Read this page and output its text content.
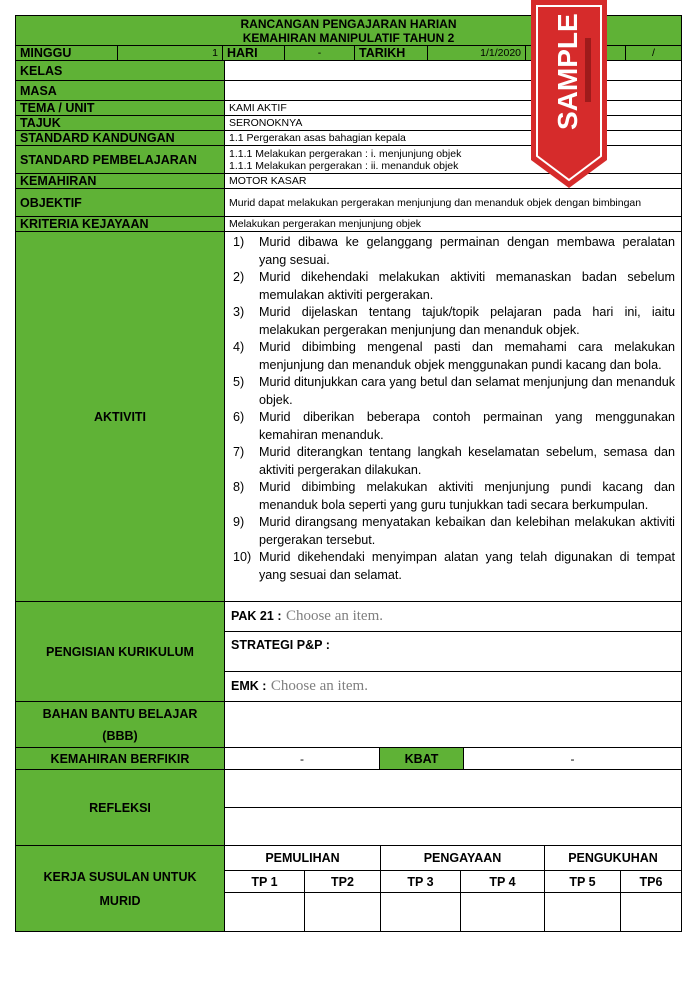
RANCANGAN PENGAJARAN HARIAN
KEMAHIRAN MANIPULATIF TAHUN 2

MINGGU	1	HARI	-	TARIKH	1/1/2020			/
KELAS	
MASA	
TEMA / UNIT	KAMI AKTIF
TAJUK	SERONOKNYA
STANDARD KANDUNGAN	1.1 Pergerakan asas bahagian kepala
STANDARD PEMBELAJARAN	1.1.1 Melakukan pergerakan : i. menjunjung objek
1.1.1 Melakukan pergerakan : ii. menanduk objek

KEMAHIRAN	MOTOR KASAR
OBJEKTIF	Murid dapat melakukan pergerakan menjunjung dan menanduk objek dengan bimbingan
KRITERIA KEJAYAAN	Melakukan pergerakan menjunjung objek
AKTIVITI	
1)	Murid dibawa ke gelanggang permainan dengan membawa peralatan yang sesuai.
2)	Murid dikehendaki melakukan aktiviti memanaskan badan sebelum memulakan aktiviti pergerakan.
3)	Murid dijelaskan tentang tajuk/topik pelajaran pada hari ini, iaitu melakukan pergerakan menjunjung dan menanduk objek.
4)	Murid dibimbing mengenal pasti dan memahami cara melakukan menjunjung dan menanduk objek menggunakan pundi kacang dan bola.
5)	Murid ditunjukkan cara yang betul dan selamat menjunjung dan menanduk objek.
6)	Murid diberikan beberapa contoh permainan yang menggunakan kemahiran menanduk.
7)	Murid diterangkan tentang langkah keselamatan sebelum, semasa dan aktiviti pergerakan dilakukan.
8)	Murid dibimbing melakukan aktiviti menjunjung pundi kacang dan menanduk bola seperti yang guru tunjukkan tadi secara berkumpulan.
9)	Murid dirangsang menyatakan kebaikan dan kelebihan melakukan aktiviti pergerakan tersebut.
10) Murid dikehendaki menyimpan alatan yang telah digunakan di tempat yang sesuai dan selamat.

PENGISIAN KURIKULUM	
PAK 21 : Choose an item.
STRATEGI P&P :
EMK : Choose an item.

BAHAN BANTU BELAJAR
(BBB)

KEMAHIRAN BERFIKIR	-	KBAT	-
REFLEKSI	

KERJA SUSULAN UNTUK
MURID	PEMULIHAN		PENGAYAAN		PENGUKUHAN	
	TP 1	TP2	TP 3	TP 4	TP 5	TP6

SAMPLE
